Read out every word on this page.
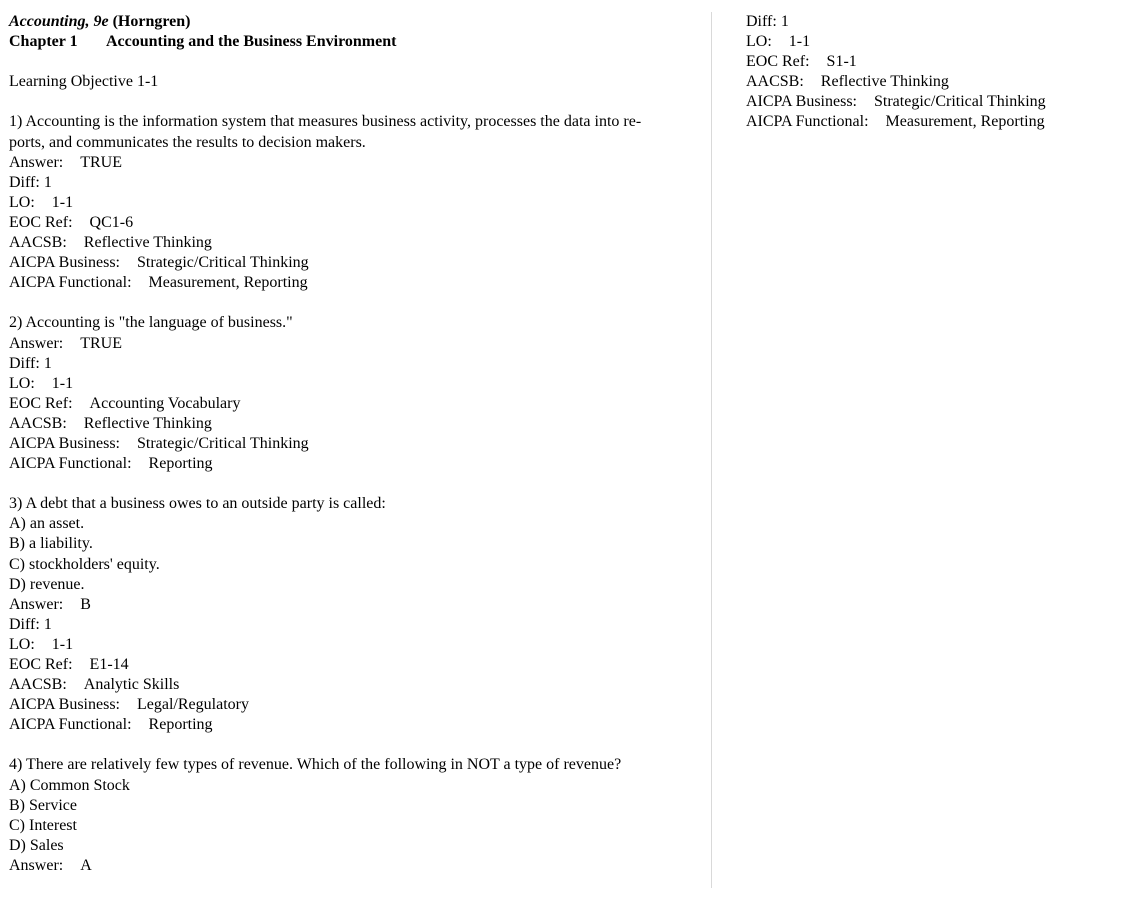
Accounting, 9e (Horngren)
Chapter 1 Accounting and the Business Environment
Learning Objective 1-1
1) Accounting is the information system that measures business activity, processes the data into re-
ports, and communicates the results to decision makers.
Answer: TRUE
Diff: 1
LO: 1-1
EOC Ref: QC1-6
AACSB: Reflective Thinking
AICPA Business: Strategic/Critical Thinking
AICPA Functional: Measurement, Reporting
2) Accounting is "the language of business."
Answer: TRUE
Diff: 1
LO: 1-1
EOC Ref: Accounting Vocabulary
AACSB: Reflective Thinking
AICPA Business: Strategic/Critical Thinking
AICPA Functional: Reporting
3) A debt that a business owes to an outside party is called:
A) an asset.
B) a liability.
C) stockholders' equity.
D) revenue.
Answer: B
Diff: 1
LO: 1-1
EOC Ref: E1-14
AACSB: Analytic Skills
AICPA Business: Legal/Regulatory
AICPA Functional: Reporting
4) There are relatively few types of revenue. Which of the following in NOT a type of revenue?
A) Common Stock
B) Service
C) Interest
D) Sales
Answer: A
Diff: 1
LO: 1-1
EOC Ref: S1-1
AACSB: Reflective Thinking
AICPA Business: Strategic/Critical Thinking
AICPA Functional: Measurement, Reporting
